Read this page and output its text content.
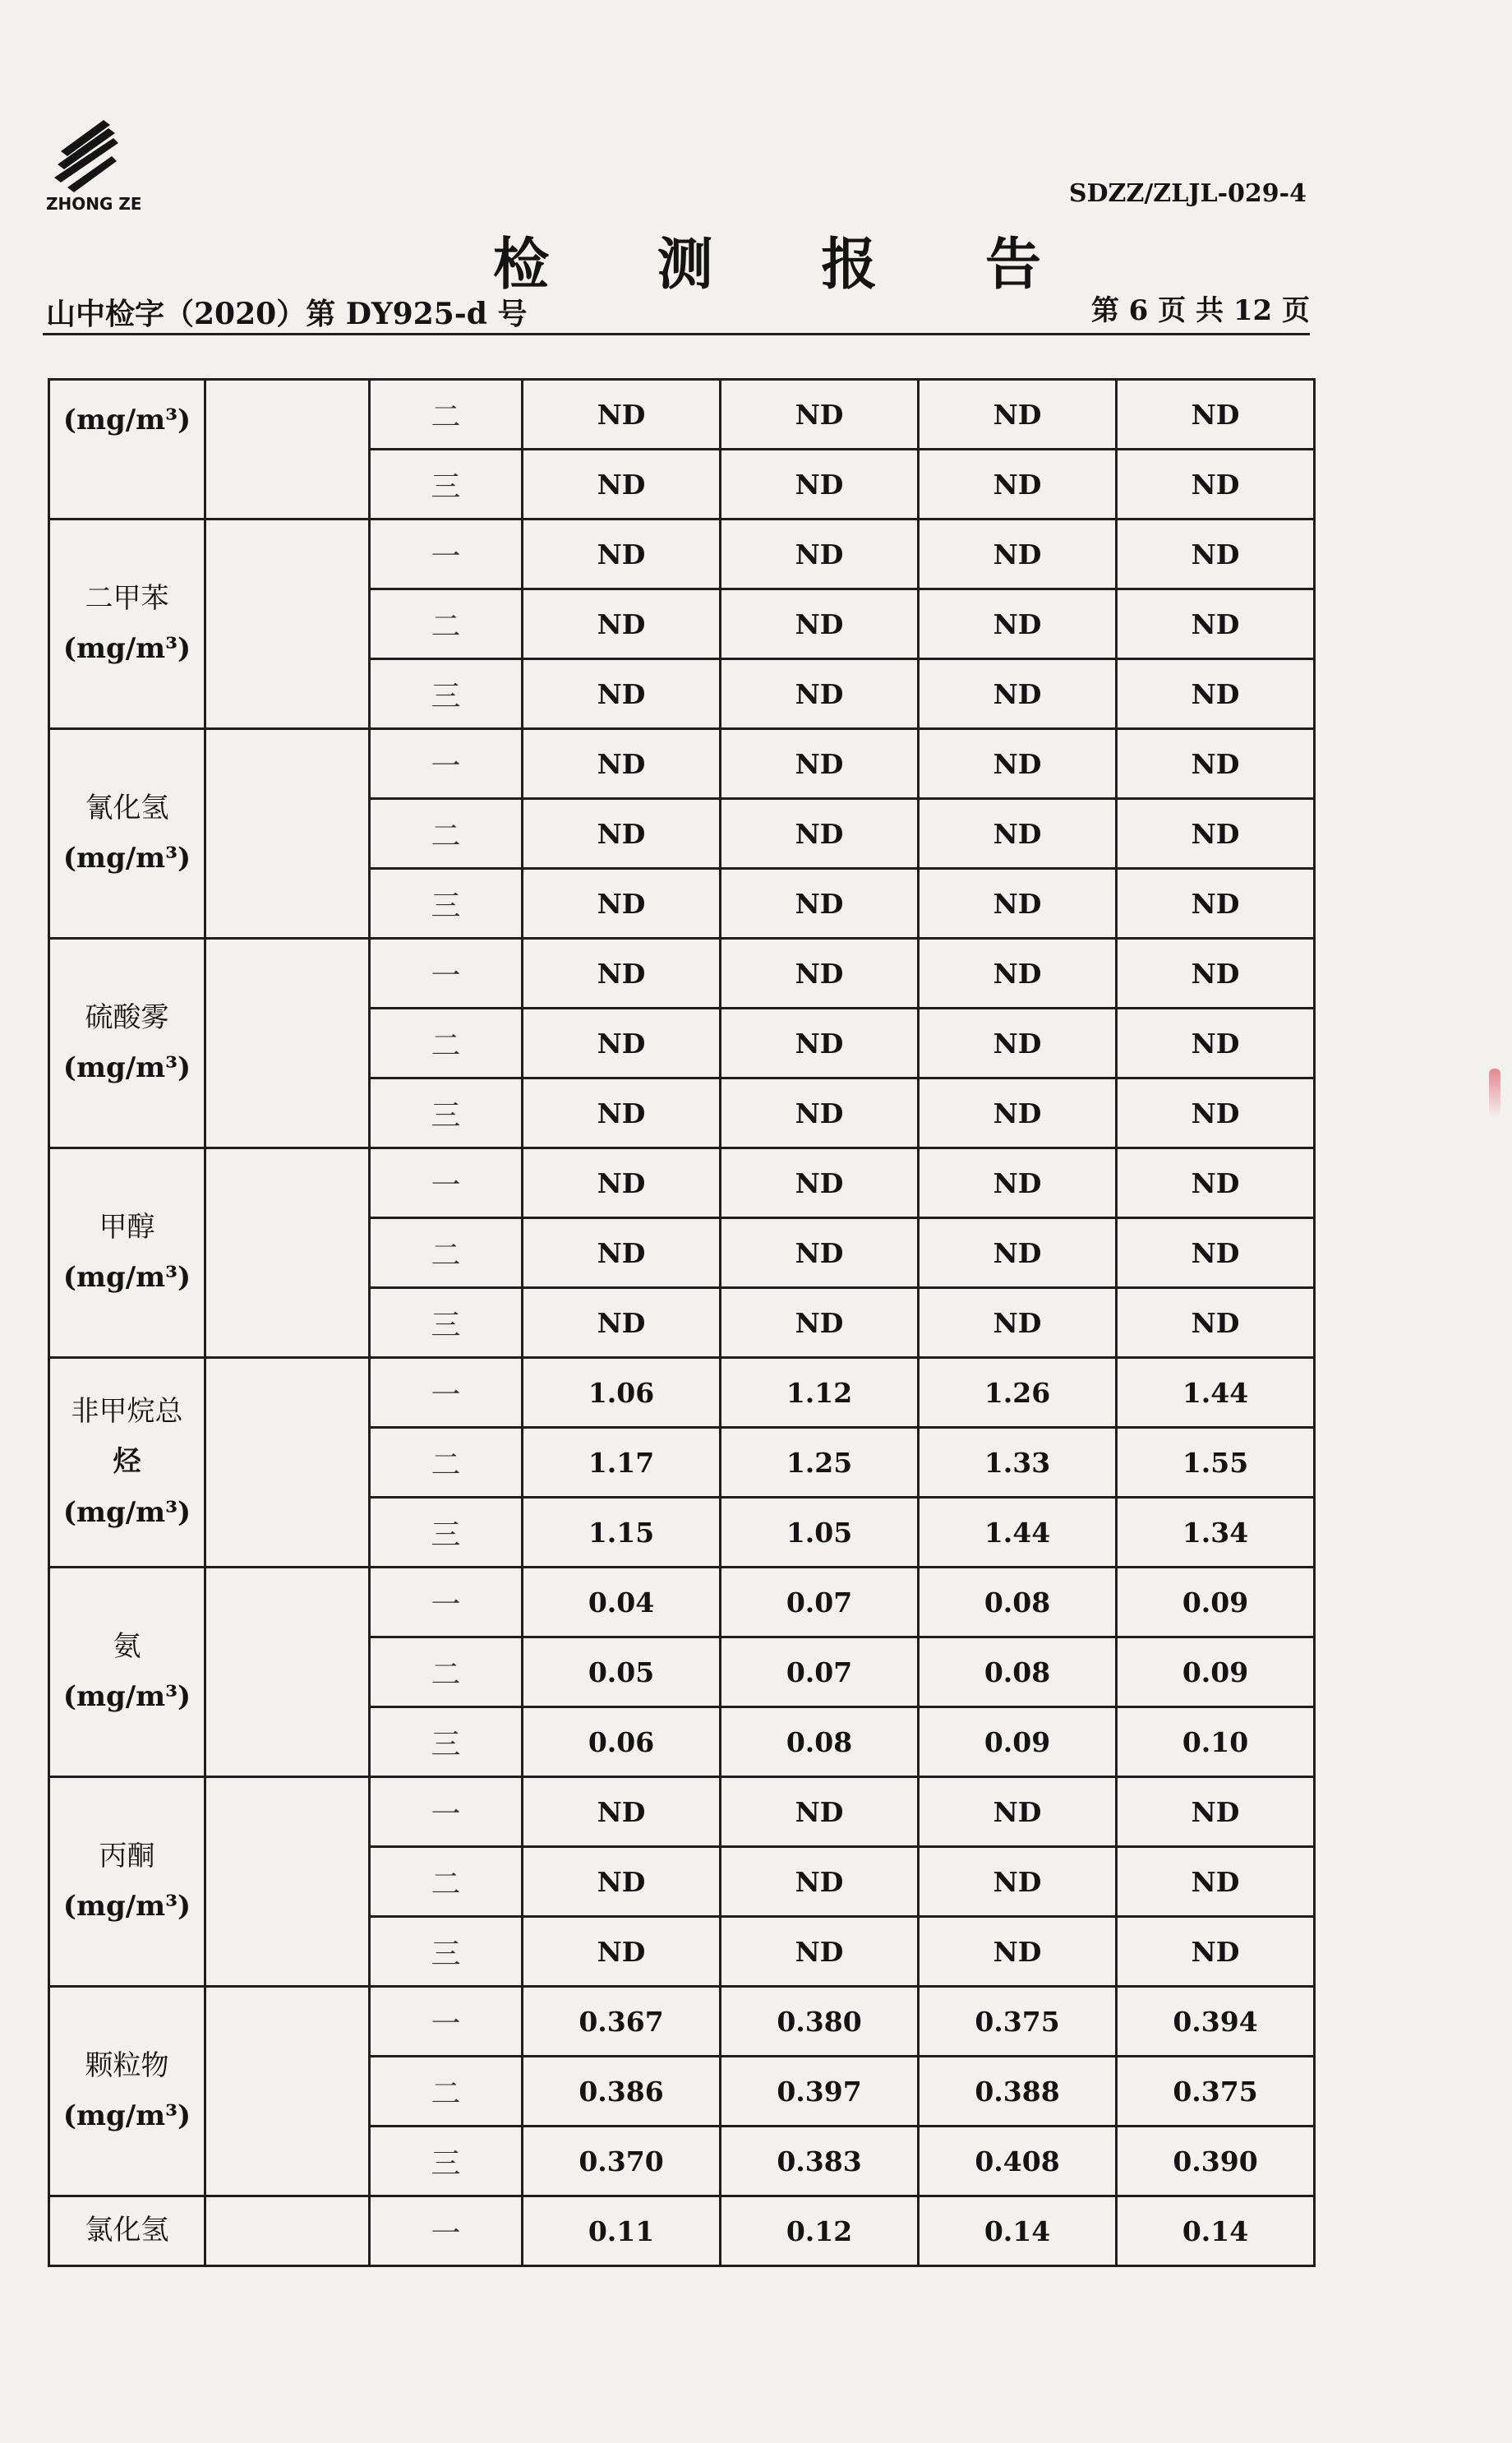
ZHONG ZE	SDZZ/ZLJL-029-4
检 测 报 告
山中检字（2020）第 DY925-d 号	第 6 页 共 12 页
(mg/m³)		二	ND	ND	ND	ND
		三	ND	ND	ND	ND

二甲苯
(mg/m³)		一	ND	ND	ND	ND
		二	ND	ND	ND	ND
		三	ND	ND	ND	ND

氰化氢
(mg/m³)		一	ND	ND	ND	ND
		二	ND	ND	ND	ND
		三	ND	ND	ND	ND

硫酸雾
(mg/m³)		一	ND	ND	ND	ND
		二	ND	ND	ND	ND
		三	ND	ND	ND	ND

甲醇
(mg/m³)		一	ND	ND	ND	ND
		二	ND	ND	ND	ND
		三	ND	ND	ND	ND

非甲烷总
烃(mg/m³)		一	1.06	1.12	1.26	1.44
		二	1.17	1.25	1.33	1.55
		三	1.15	1.05	1.44	1.34

氨
(mg/m³)		一	0.04	0.07	0.08	0.09
		二	0.05	0.07	0.08	0.09
		三	0.06	0.08	0.09	0.10

丙酮
(mg/m³)		一	ND	ND	ND	ND
		二	ND	ND	ND	ND
		三	ND	ND	ND	ND

颗粒物
(mg/m³)		一	0.367	0.380	0.375	0.394
		二	0.386	0.397	0.388	0.375
		三	0.370	0.383	0.408	0.390

氯化氢		一	0.11	0.12	0.14	0.14
